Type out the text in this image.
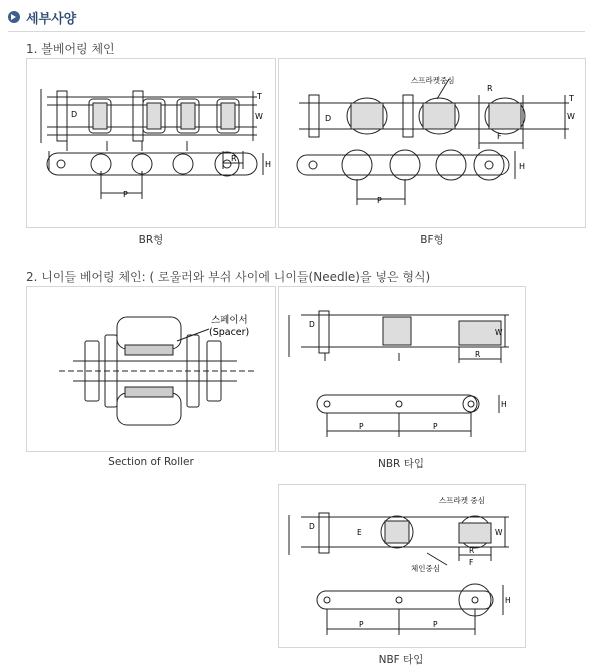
세부사양
1. 볼베어링 체인
P
R
T
W
H
D
BR형
스프라켓중심
P
R
F
T
W
H
D
BF형
2. 니이들 베어링 체인: ( 로울러와 부쉬 사이에 니이들(Needle)을 넣은 형식)
스페이서
(Spacer)
Section of Roller
P	P
R
W
H
D
NBR 타입
스프라켓 중심
체인중심
P	P
R
F
W
H
D
E
NBF 타입
